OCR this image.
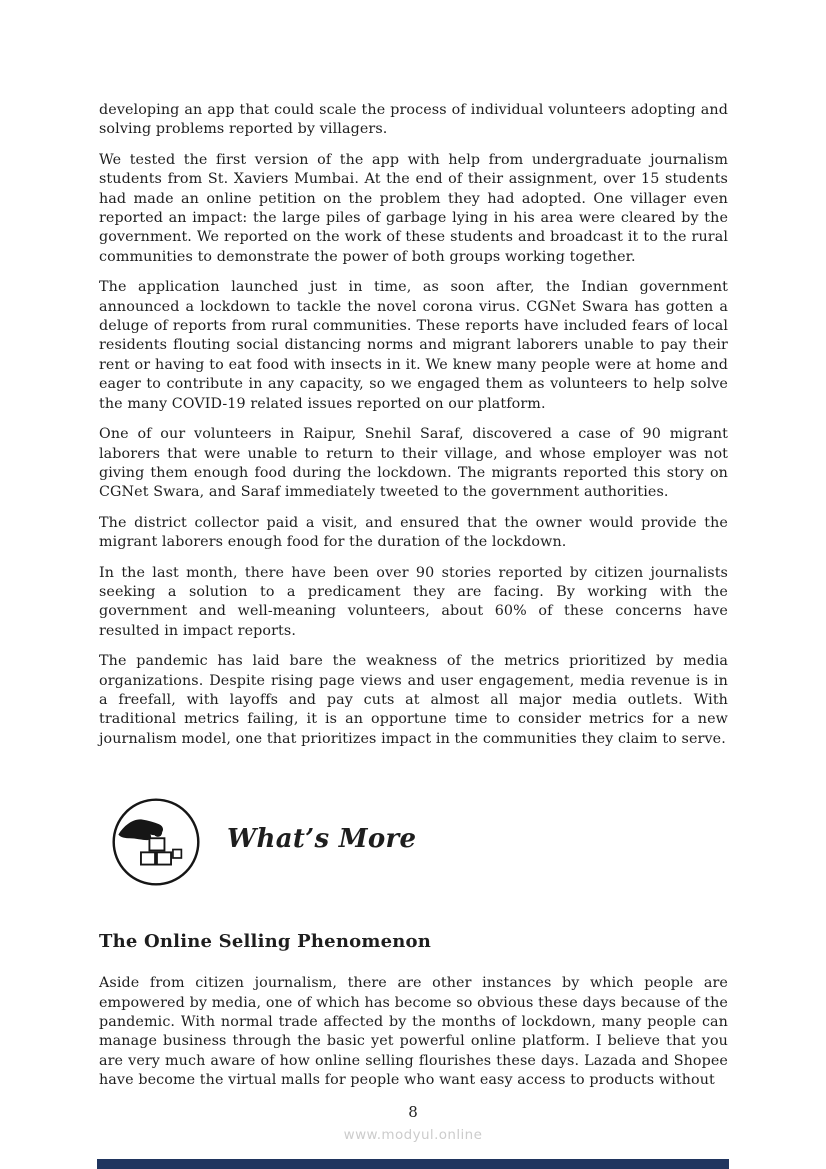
developing an app that could scale the process of individual volunteers adopting and solving problems reported by villagers.

We tested the first version of the app with help from undergraduate journalism students from St. Xaviers Mumbai. At the end of their assignment, over 15 students had made an online petition on the problem they had adopted. One villager even reported an impact: the large piles of garbage lying in his area were cleared by the government. We reported on the work of these students and broadcast it to the rural communities to demonstrate the power of both groups working together.

The application launched just in time, as soon after, the Indian government announced a lockdown to tackle the novel corona virus. CGNet Swara has gotten a deluge of reports from rural communities. These reports have included fears of local residents flouting social distancing norms and migrant laborers unable to pay their rent or having to eat food with insects in it. We knew many people were at home and eager to contribute in any capacity, so we engaged them as volunteers to help solve the many COVID-19 related issues reported on our platform.

One of our volunteers in Raipur, Snehil Saraf, discovered a case of 90 migrant laborers that were unable to return to their village, and whose employer was not giving them enough food during the lockdown. The migrants reported this story on CGNet Swara, and Saraf immediately tweeted to the government authorities.

The district collector paid a visit, and ensured that the owner would provide the migrant laborers enough food for the duration of the lockdown.

In the last month, there have been over 90 stories reported by citizen journalists seeking a solution to a predicament they are facing. By working with the government and well-meaning volunteers, about 60% of these concerns have resulted in impact reports.

The pandemic has laid bare the weakness of the metrics prioritized by media organizations. Despite rising page views and user engagement, media revenue is in a freefall, with layoffs and pay cuts at almost all major media outlets. With traditional metrics failing, it is an opportune time to consider metrics for a new journalism model, one that prioritizes impact in the communities they claim to serve.

What’s More
The Online Selling Phenomenon

Aside from citizen journalism, there are other instances by which people are empowered by media, one of which has become so obvious these days because of the pandemic. With normal trade affected by the months of lockdown, many people can manage business through the basic yet powerful online platform. I believe that you are very much aware of how online selling flourishes these days. Lazada and Shopee have become the virtual malls for people who want easy access to products without

8
www.modyul.online
